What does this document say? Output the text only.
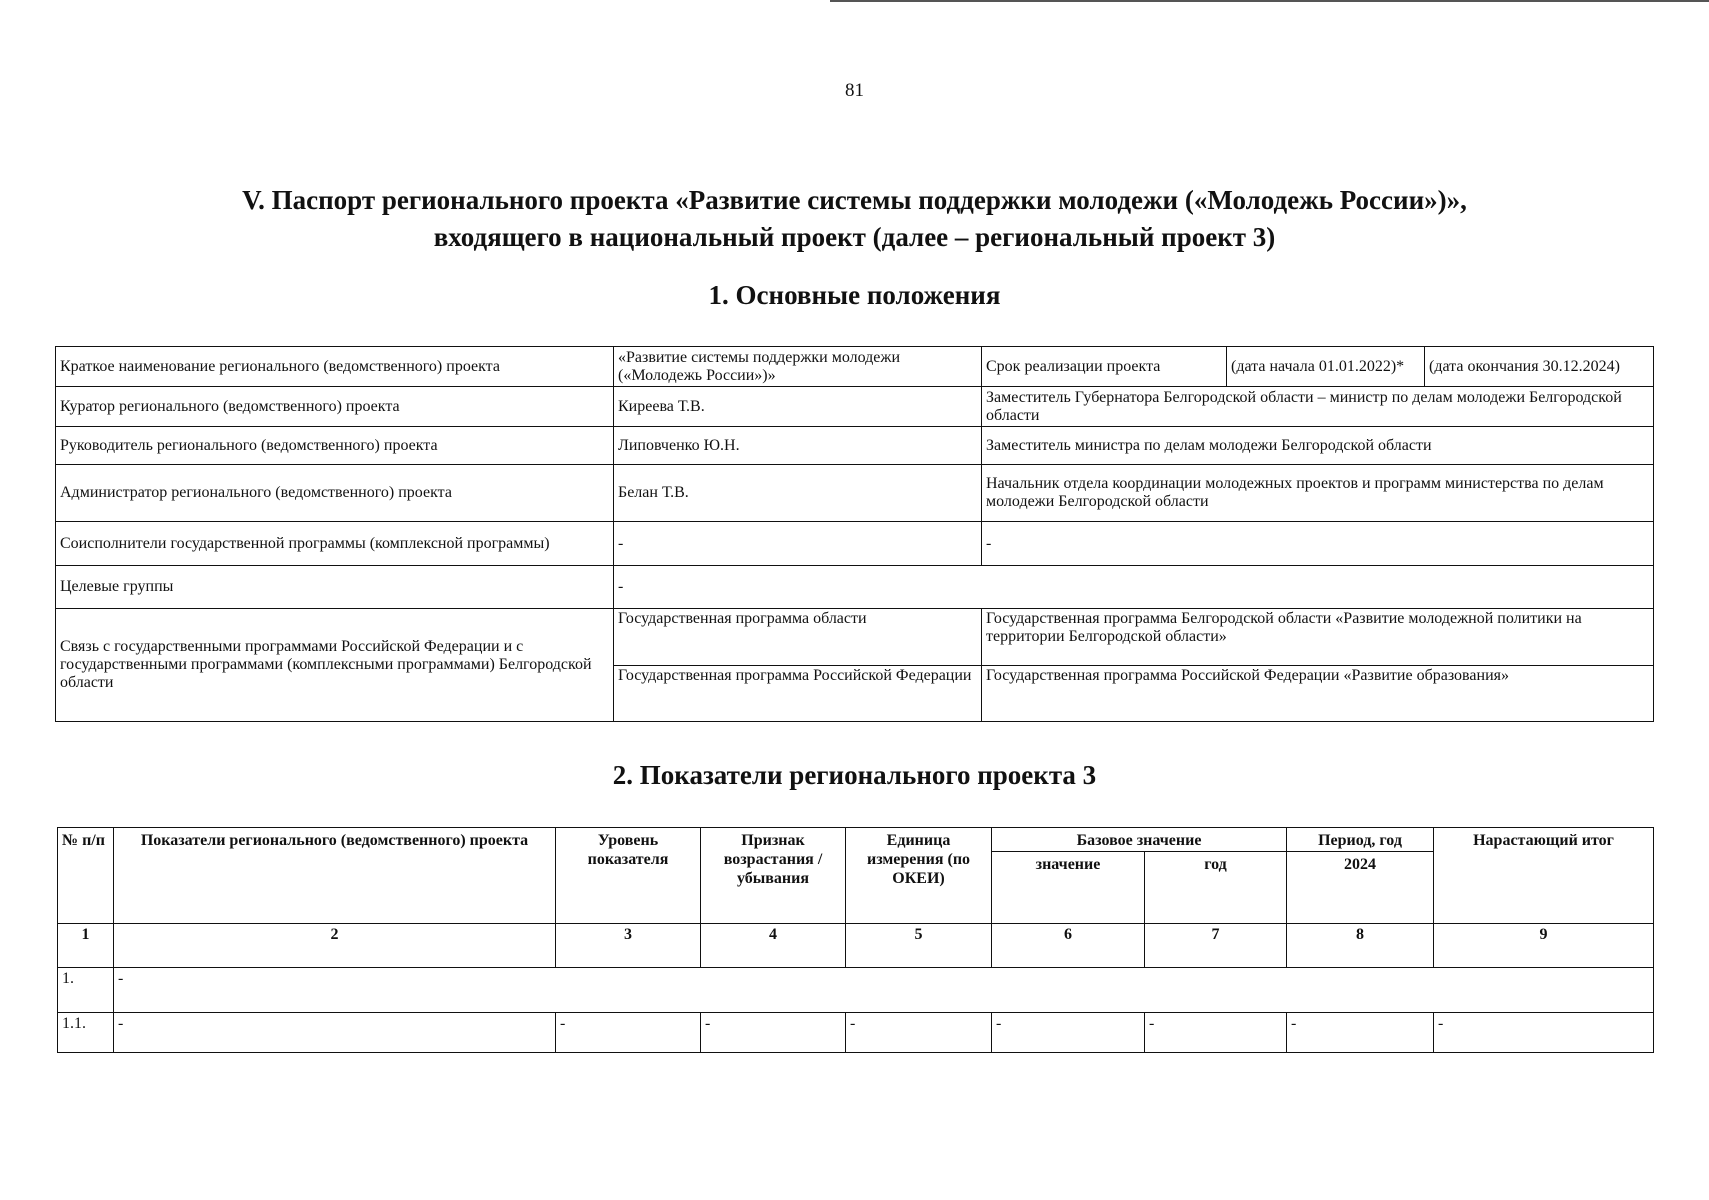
81
V. Паспорт регионального проекта «Развитие системы поддержки молодежи («Молодежь России»)»,
входящего в национальный проект (далее – региональный проект 3)
1. Основные положения
Краткое наименование регионального (ведомственного) проекта	«Развитие системы поддержки молодежи («Молодежь России»)»	Срок реализации проекта	(дата начала 01.01.2022)*	(дата окончания 30.12.2024)
Куратор регионального (ведомственного) проекта	Киреева Т.В.	Заместитель Губернатора Белгородской области – министр по делам молодежи Белгородской области		
Руководитель регионального (ведомственного) проекта	Липовченко Ю.Н.	Заместитель министра по делам молодежи Белгородской области		
Администратор регионального (ведомственного) проекта	Белан Т.В.	Начальник отдела координации молодежных проектов и программ министерства по делам молодежи Белгородской области		
Соисполнители государственной программы (комплексной программы)	-	-		
Целевые группы	-			
Связь с государственными программами Российской Федерации и с государственными программами (комплексными программами) Белгородской области	Государственная программа области	Государственная программа Белгородской области «Развитие молодежной политики на территории Белгородской области»		
	Государственная программа Российской Федерации	Государственная программа Российской Федерации «Развитие образования»		
2. Показатели регионального проекта 3
№ п/п	Показатели регионального (ведомственного) проекта	Уровень показателя	Признак возрастания / убывания	Единица измерения (по ОКЕИ)	Базовое значение		Период, год	Нарастающий итог
					значение	год	2024	
1	2	3	4	5	6	7	8	9
1.	-							
1.1.	-	-	-	-	-	-	-	-
